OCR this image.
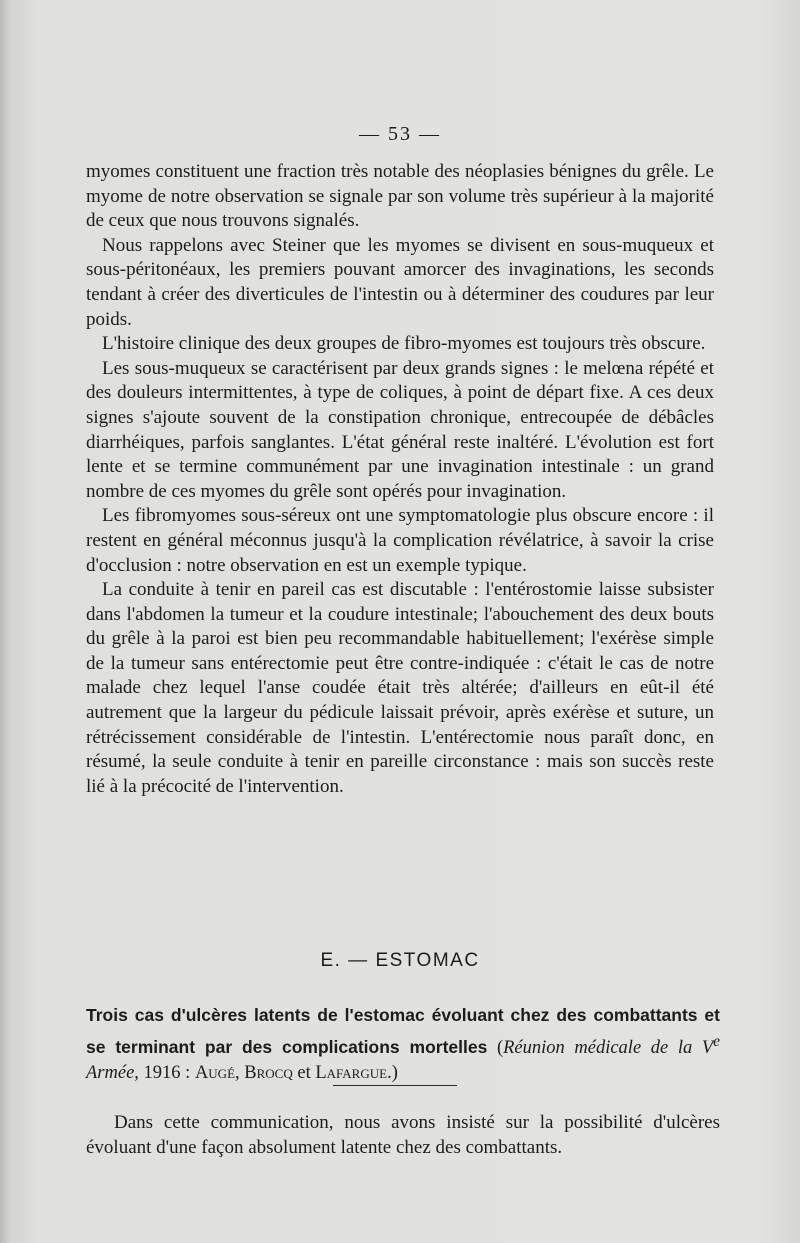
— 53 —

myomes constituent une fraction très notable des néoplasies bénignes du grêle. Le myome de notre observation se signale par son volume très supérieur à la majorité de ceux que nous trouvons signalés.

Nous rappelons avec Steiner que les myomes se divisent en sous-muqueux et sous-péritonéaux, les premiers pouvant amorcer des invaginations, les seconds tendant à créer des diverticules de l'intestin ou à déterminer des coudures par leur poids.

L'histoire clinique des deux groupes de fibro-myomes est toujours très obscure.

Les sous-muqueux se caractérisent par deux grands signes : le melœna répété et des douleurs intermittentes, à type de coliques, à point de départ fixe. A ces deux signes s'ajoute souvent de la constipation chronique, entrecoupée de débâcles diarrhéiques, parfois sanglantes. L'état général reste inaltéré. L'évolution est fort lente et se termine communément par une invagination intestinale : un grand nombre de ces myomes du grêle sont opérés pour invagination.

Les fibromyomes sous-séreux ont une symptomatologie plus obscure encore : il restent en général méconnus jusqu'à la complication révélatrice, à savoir la crise d'occlusion : notre observation en est un exemple typique.

La conduite à tenir en pareil cas est discutable : l'entérostomie laisse subsister dans l'abdomen la tumeur et la coudure intestinale; l'abouchement des deux bouts du grêle à la paroi est bien peu recommandable habituellement; l'exérèse simple de la tumeur sans entérectomie peut être contre-indiquée : c'était le cas de notre malade chez lequel l'anse coudée était très altérée; d'ailleurs en eût-il été autrement que la largeur du pédicule laissait prévoir, après exérèse et suture, un rétrécissement considérable de l'intestin. L'entérectomie nous paraît donc, en résumé, la seule conduite à tenir en pareille circonstance : mais son succès reste lié à la précocité de l'intervention.

E. — ESTOMAC
Trois cas d'ulcères latents de l'estomac évoluant chez des combattants et se terminant par des complications mortelles (Réunion médicale de la Ve Armée, 1916 : Augé, Brocq et Lafargue.)

Dans cette communication, nous avons insisté sur la possibilité d'ulcères évoluant d'une façon absolument latente chez des combattants.
